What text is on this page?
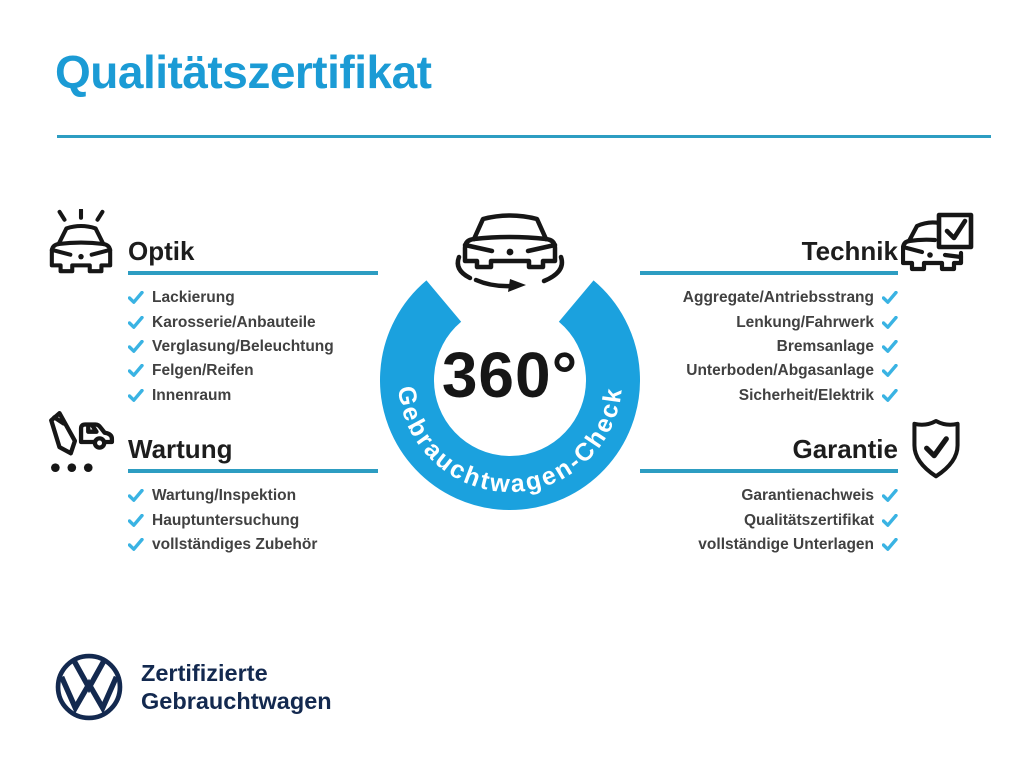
Qualitätszertifikat
Gebrauchtwagen-Check
360°
Optik
Lackierung
Karosserie/Anbauteile
Verglasung/Beleuchtung
Felgen/Reifen
Innenraum
Wartung
Wartung/Inspektion
Hauptuntersuchung
vollständiges Zubehör
Technik
Aggregate/Antriebsstrang
Lenkung/Fahrwerk
Bremsanlage
Unterboden/Abgasanlage
Sicherheit/Elektrik
Garantie
Garantienachweis
Qualitätszertifikat
vollständige Unterlagen
Zertifizierte
Gebrauchtwagen
